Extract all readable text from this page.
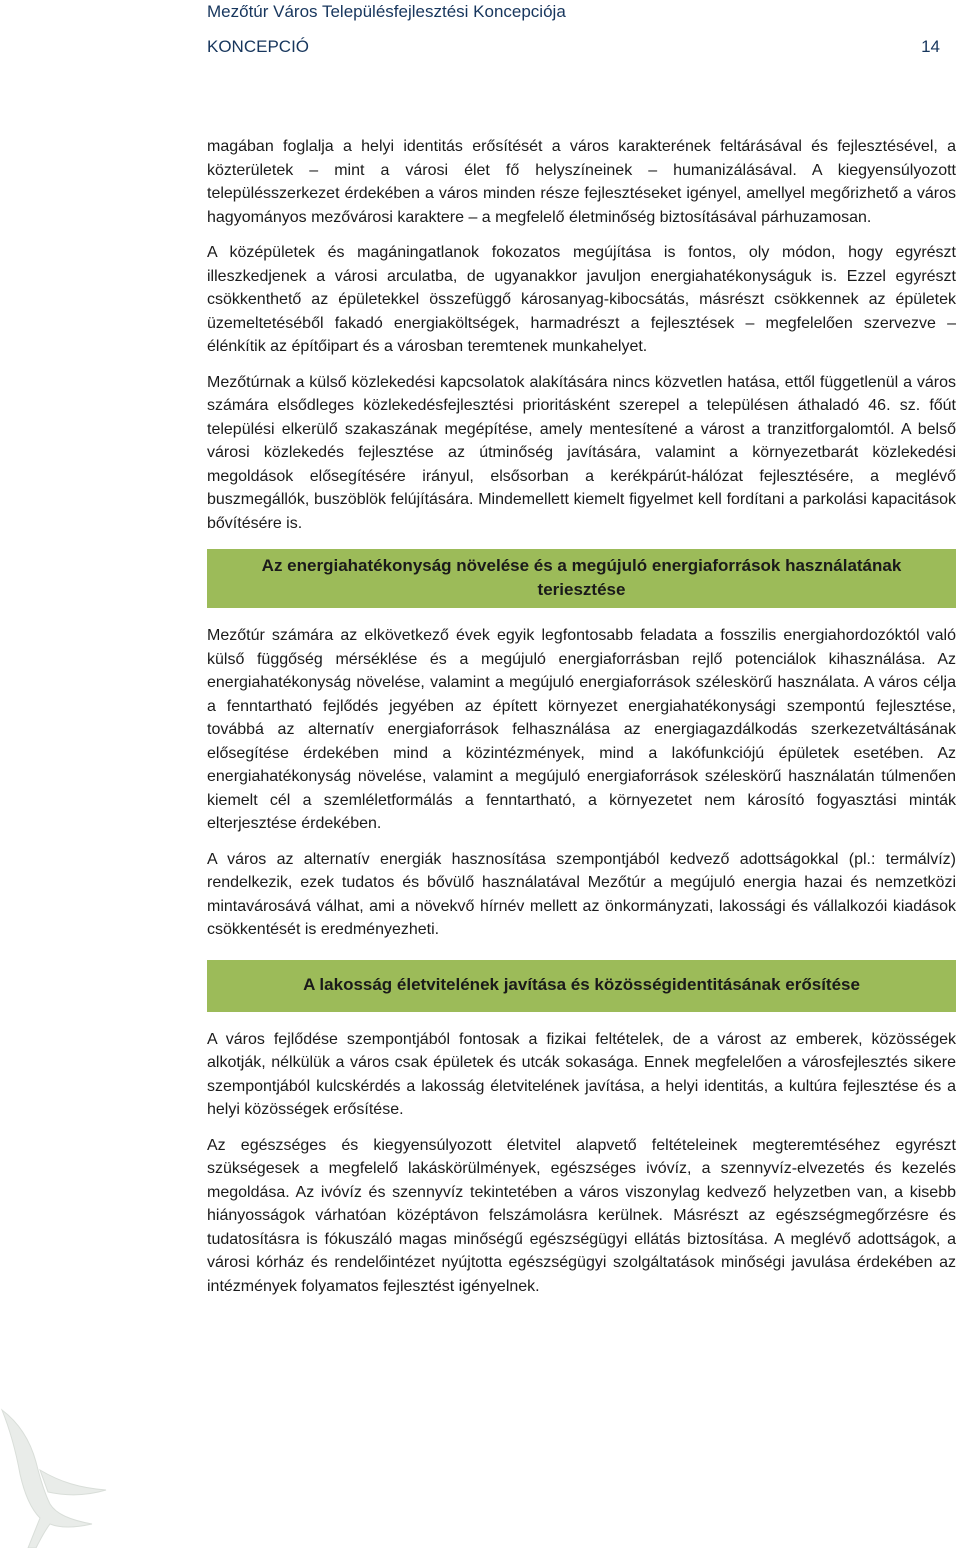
Mezőtúr Város Településfejlesztési Koncepciója
KONCEPCIÓ	14

magában foglalja a helyi identitás erősítését a város karakterének feltárásával és fejlesztésével, a közterületek – mint a városi élet fő helyszíneinek – humanizálásával. A kiegyensúlyozott településszerkezet érdekében a város minden része fejlesztéseket igényel, amellyel megőrizhető a város hagyományos mezővárosi karaktere – a megfelelő életminőség biztosításával párhuzamosan.

A középületek és magáningatlanok fokozatos megújítása is fontos, oly módon, hogy egyrészt illeszkedjenek a városi arculatba, de ugyanakkor javuljon energiahatékonyságuk is. Ezzel egyrészt csökkenthető az épületekkel összefüggő károsanyag-kibocsátás, másrészt csökkennek az épületek üzemeltetéséből fakadó energiaköltségek, harmadrészt a fejlesztések – megfelelően szervezve – élénkítik az építőipart és a városban teremtenek munkahelyet.

Mezőtúrnak a külső közlekedési kapcsolatok alakítására nincs közvetlen hatása, ettől függetlenül a város számára elsődleges közlekedésfejlesztési prioritásként szerepel a településen áthaladó 46. sz. főút települési elkerülő szakaszának megépítése, amely mentesítené a várost a tranzitforgalomtól. A belső városi közlekedés fejlesztése az útminőség javítására, valamint a környezetbarát közlekedési megoldások elősegítésére irányul, elsősorban a kerékpárút-hálózat fejlesztésére, a meglévő buszmegállók, buszöblök felújítására. Mindemellett kiemelt figyelmet kell fordítani a parkolási kapacitások bővítésére is.

Az energiahatékonyság növelése és a megújuló energiaforrások használatának teriesztése

Mezőtúr számára az elkövetkező évek egyik legfontosabb feladata a fosszilis energiahordozóktól való külső függőség mérséklése és a megújuló energiaforrásban rejlő potenciálok kihasználása. Az energiahatékonyság növelése, valamint a megújuló energiaforrások széleskörű használata. A város célja a fenntartható fejlődés jegyében az épített környezet energiahatékonysági szempontú fejlesztése, továbbá az alternatív energiaforrások felhasználása az energiagazdálkodás szerkezetváltásának elősegítése érdekében mind a közintézmények, mind a lakófunkciójú épületek esetében. Az energiahatékonyság növelése, valamint a megújuló energiaforrások széleskörű használatán túlmenően kiemelt cél a szemléletformálás a fenntartható, a környezetet nem károsító fogyasztási minták elterjesztése érdekében.

A város az alternatív energiák hasznosítása szempontjából kedvező adottságokkal (pl.: termálvíz) rendelkezik, ezek tudatos és bővülő használatával Mezőtúr a megújuló energia hazai és nemzetközi mintavárosává válhat, ami a növekvő hírnév mellett az önkormányzati, lakossági és vállalkozói kiadások csökkentését is eredményezheti.

A lakosság életvitelének javítása és közösségidentitásának erősítése

A város fejlődése szempontjából fontosak a fizikai feltételek, de a várost az emberek, közösségek alkotják, nélkülük a város csak épületek és utcák sokasága. Ennek megfelelően a városfejlesztés sikere szempontjából kulcskérdés a lakosság életvitelének javítása, a helyi identitás, a kultúra fejlesztése és a helyi közösségek erősítése.

Az egészséges és kiegyensúlyozott életvitel alapvető feltételeinek megteremtéséhez egyrészt szükségesek a megfelelő lakáskörülmények, egészséges ivóvíz, a szennyvíz-elvezetés és kezelés megoldása. Az ivóvíz és szennyvíz tekintetében a város viszonylag kedvező helyzetben van, a kisebb hiányosságok várhatóan középtávon felszámolásra kerülnek. Másrészt az egészségmegőrzésre és tudatosításra is fókuszáló magas minőségű egészségügyi ellátás biztosítása. A meglévő adottságok, a városi kórház és rendelőintézet nyújtotta egészségügyi szolgáltatások minőségi javulása érdekében az intézmények folyamatos fejlesztést igényelnek.
